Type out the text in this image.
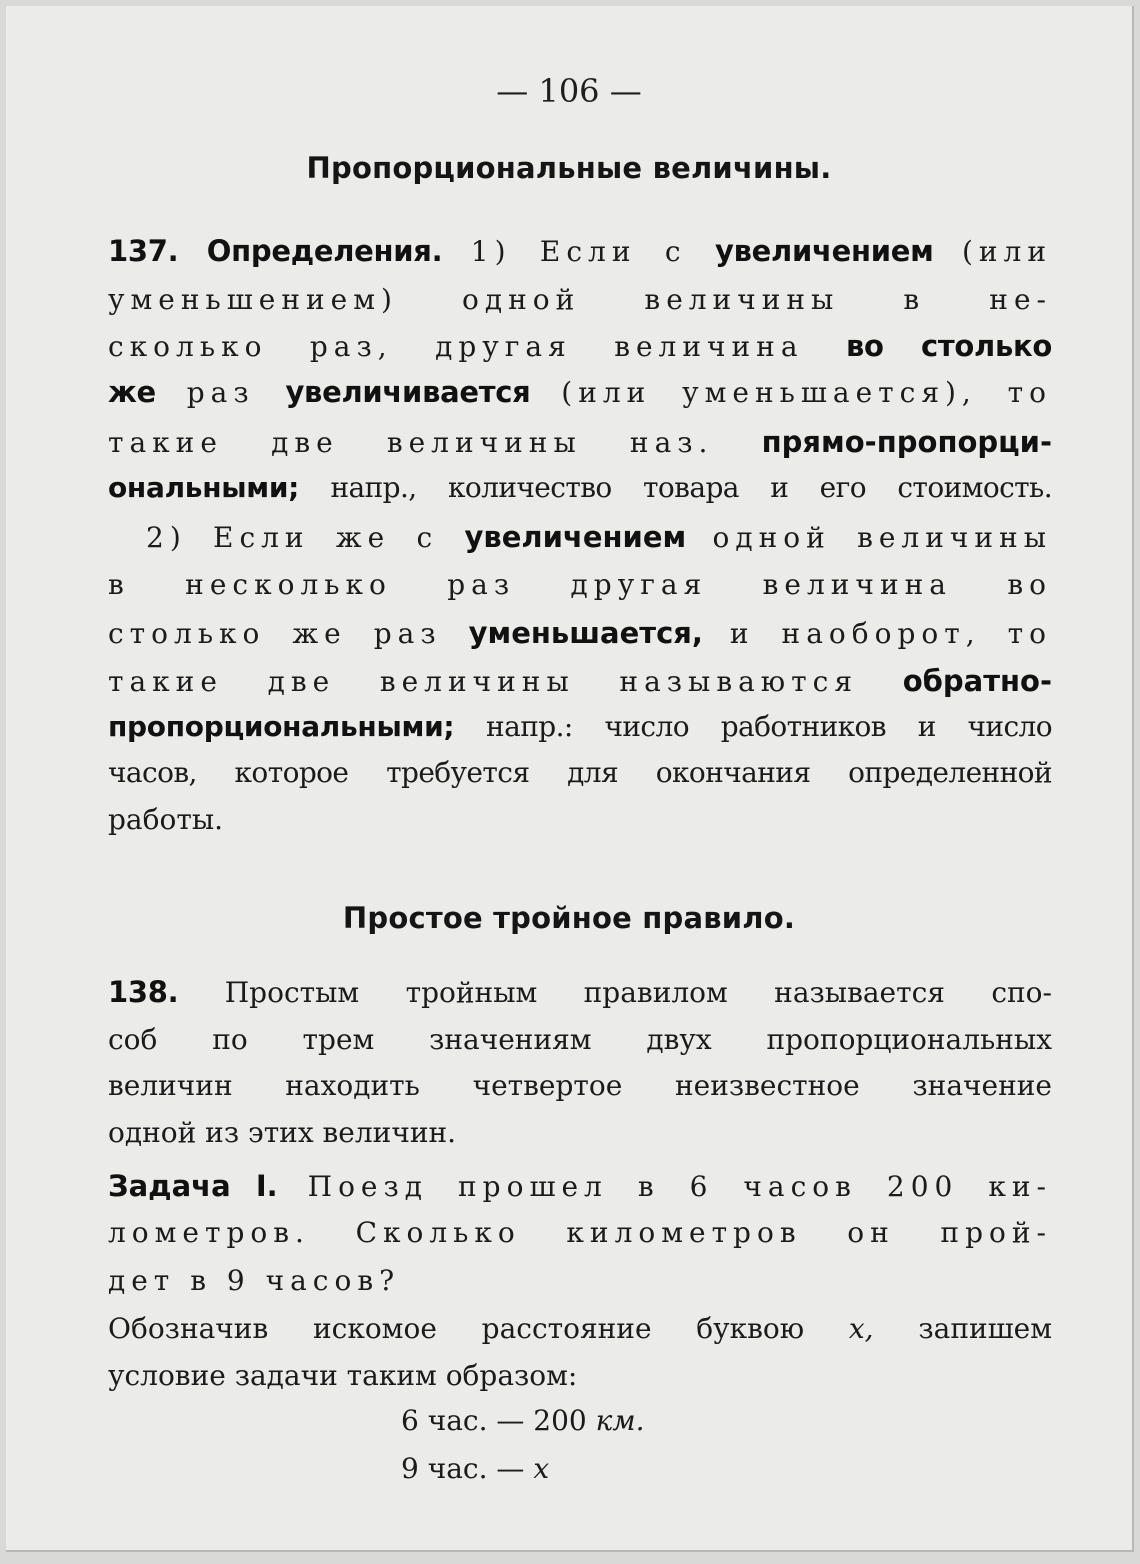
— 106 —
Пропорциональные величины.
137. Определения. 1) Если с увеличением (или
уменьшением) одной величины в не-
сколько раз, другая величина во столько
же раз увеличивается (или уменьшается), то
такие две величины наз. прямо-пропорци-
ональными; напр., количество товара и его стоимость.
2) Если же с увеличением одной величины
в несколько раз другая величина во
столько же раз уменьшается, и наоборот, то
такие две величины называются обратно-
пропорциональными; напр.: число работников и число
часов, которое требуется для окончания определенной
работы.
Простое тройное правило.
138. Простым тройным правилом называется спо-
соб по трем значениям двух пропорциональных
величин находить четвертое неизвестное значение
одной из этих величин.
Задача I. Поезд прошел в 6 часов 200 ки-
лометров. Сколько километров он прой-
дет в 9 часов?
Обозначив искомое расстояние буквою x, запишем
условие задачи таким образом:
6 час. — 200 км.
9 час. — x
